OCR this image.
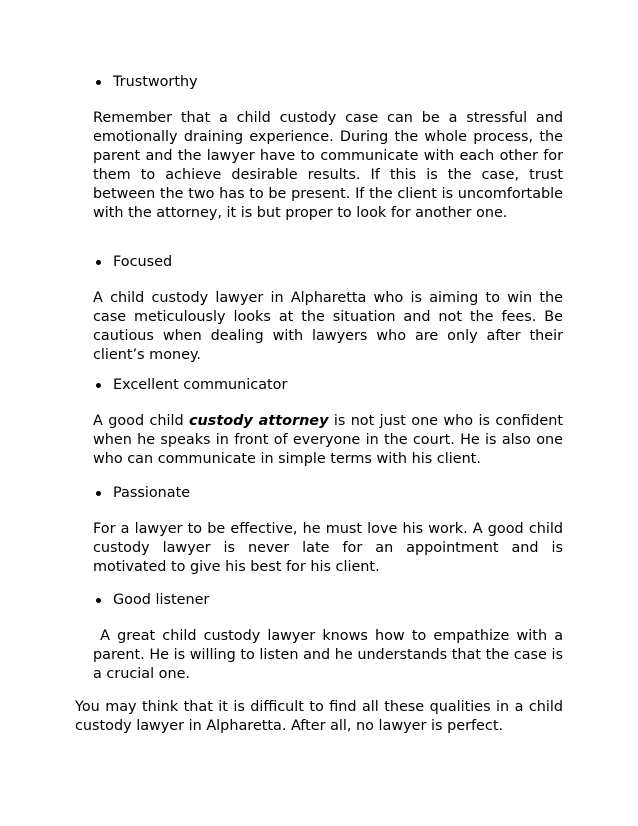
Trustworthy
Remember that a child custody case can be a stressful and emotionally draining experience. During the whole process, the parent and the lawyer have to communicate with each other for them to achieve desirable results. If this is the case, trust between the two has to be present. If the client is uncomfortable with the attorney, it is but proper to look for another one.
Focused
A child custody lawyer in Alpharetta who is aiming to win the case meticulously looks at the situation and not the fees. Be cautious when dealing with lawyers who are only after their client’s money.
Excellent communicator
A good child custody attorney is not just one who is confident when he speaks in front of everyone in the court. He is also one who can communicate in simple terms with his client.
Passionate
For a lawyer to be effective, he must love his work. A good child custody lawyer is never late for an appointment and is motivated to give his best for his client.
Good listener
A great child custody lawyer knows how to empathize with a parent. He is willing to listen and he understands that the case is a crucial one.
You may think that it is difficult to find all these qualities in a child custody lawyer in Alpharetta. After all, no lawyer is perfect.
